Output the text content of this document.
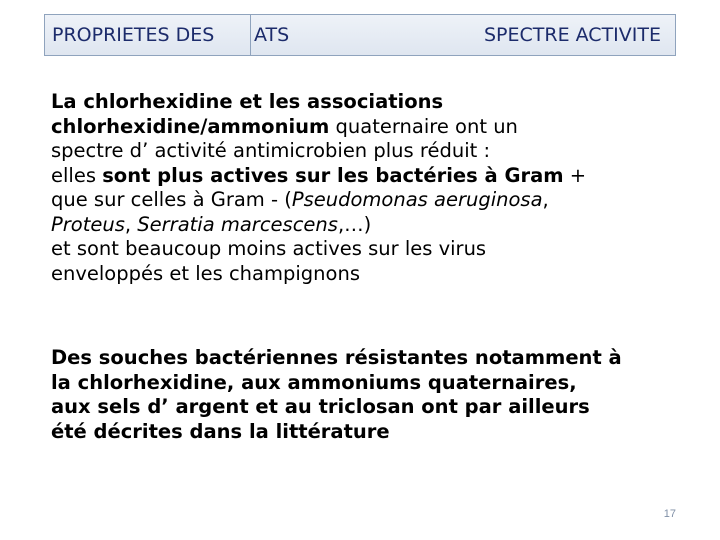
PROPRIETES DES ATS	SPECTRE ACTIVITE
La chlorhexidine et les associations
chlorhexidine/ammonium quaternaire ont un
spectre d’ activité antimicrobien plus réduit :
elles sont plus actives sur les bactéries à Gram +
que sur celles à Gram - (Pseudomonas aeruginosa,
Proteus, Serratia marcescens,…)
et sont beaucoup moins actives sur les virus
enveloppés et les champignons
Des souches bactériennes résistantes notamment à
la chlorhexidine, aux ammoniums quaternaires,
aux sels d’ argent et au triclosan ont par ailleurs
été décrites dans la littérature
17
